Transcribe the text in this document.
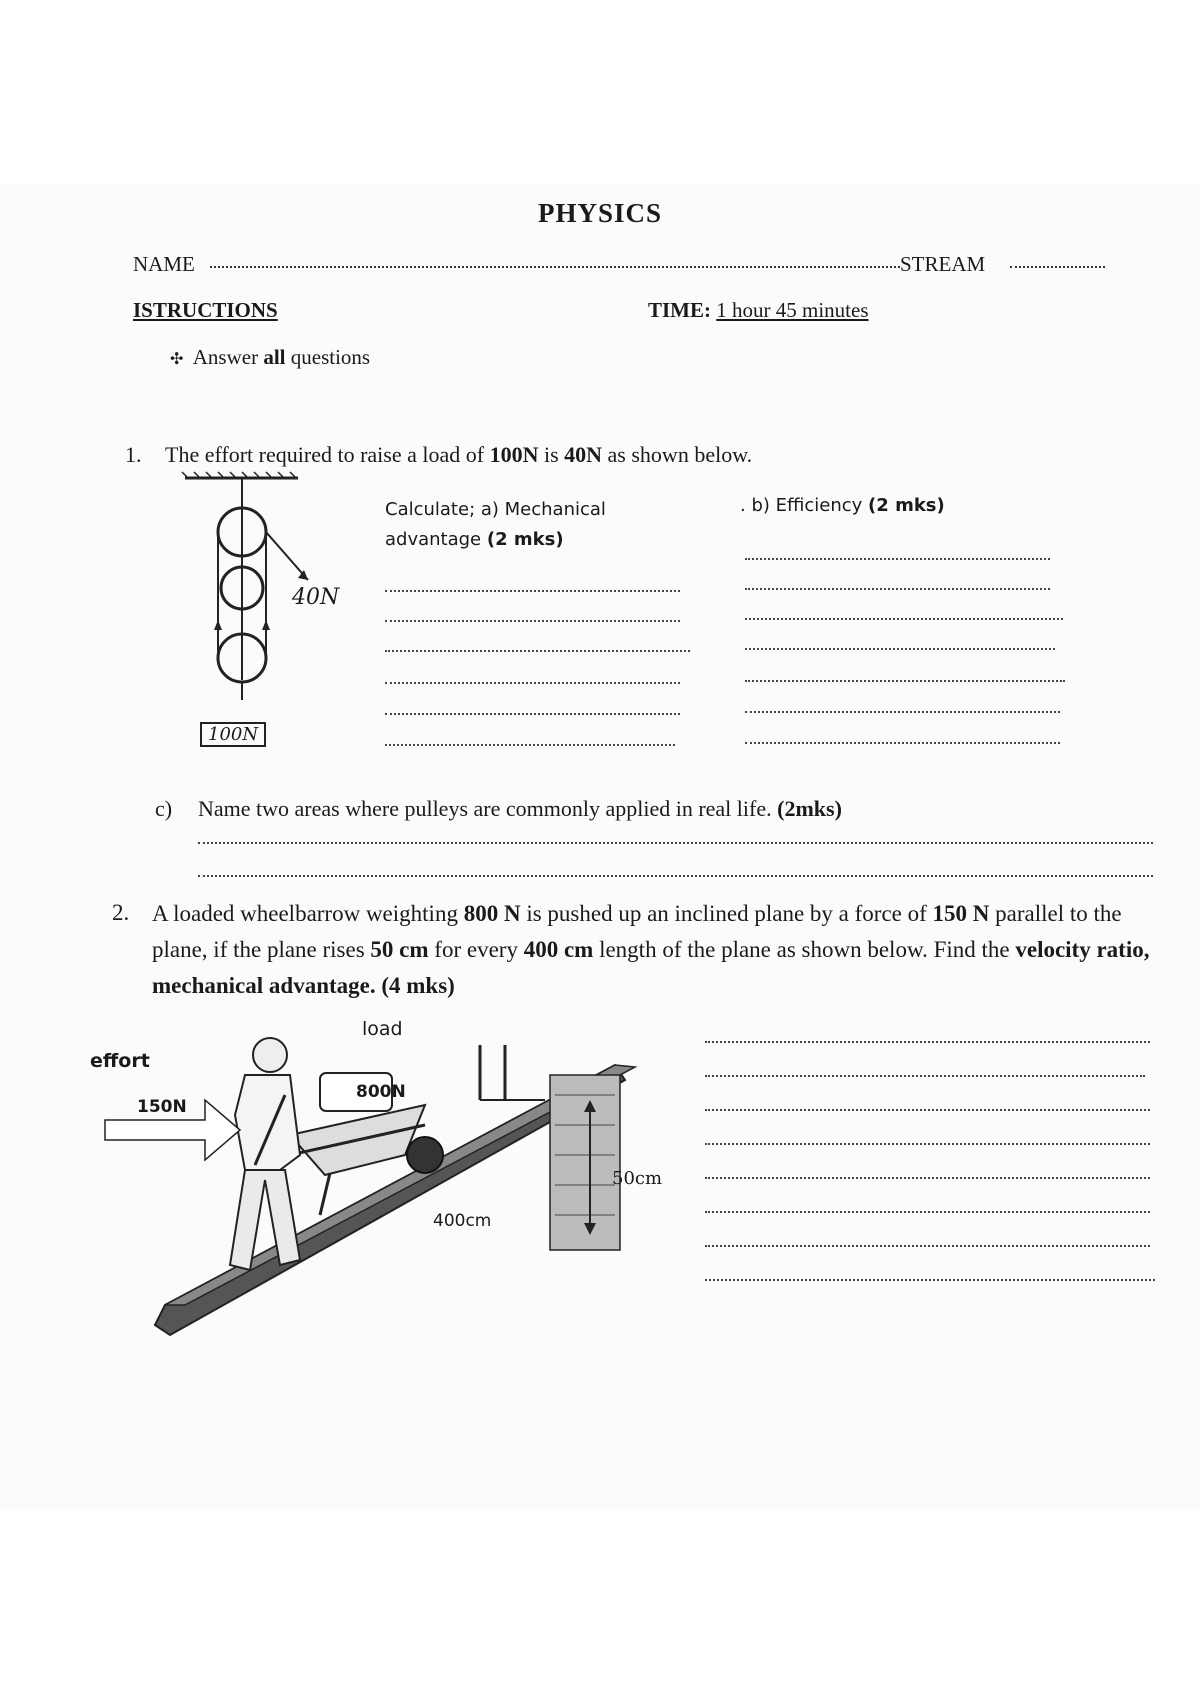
PHYSICS
NAME	STREAM
ISTRUCTIONS	TIME: 1 hour 45 minutes
✣ Answer all questions
1. The effort required to raise a load of 100N is 40N as shown below.
40N
100N
Calculate; a) Mechanical advantage (2 mks)
. b) Efficiency (2 mks)
c) Name two areas where pulleys are commonly applied in real life. (2mks)
2. A loaded wheelbarrow weighting 800 N is pushed up an inclined plane by a force of 150 N parallel to the plane, if the plane rises 50 cm for every 400 cm length of the plane as shown below. Find the velocity ratio, mechanical advantage. (4 mks)
effort
150N
load
800N
50cm
400cm
